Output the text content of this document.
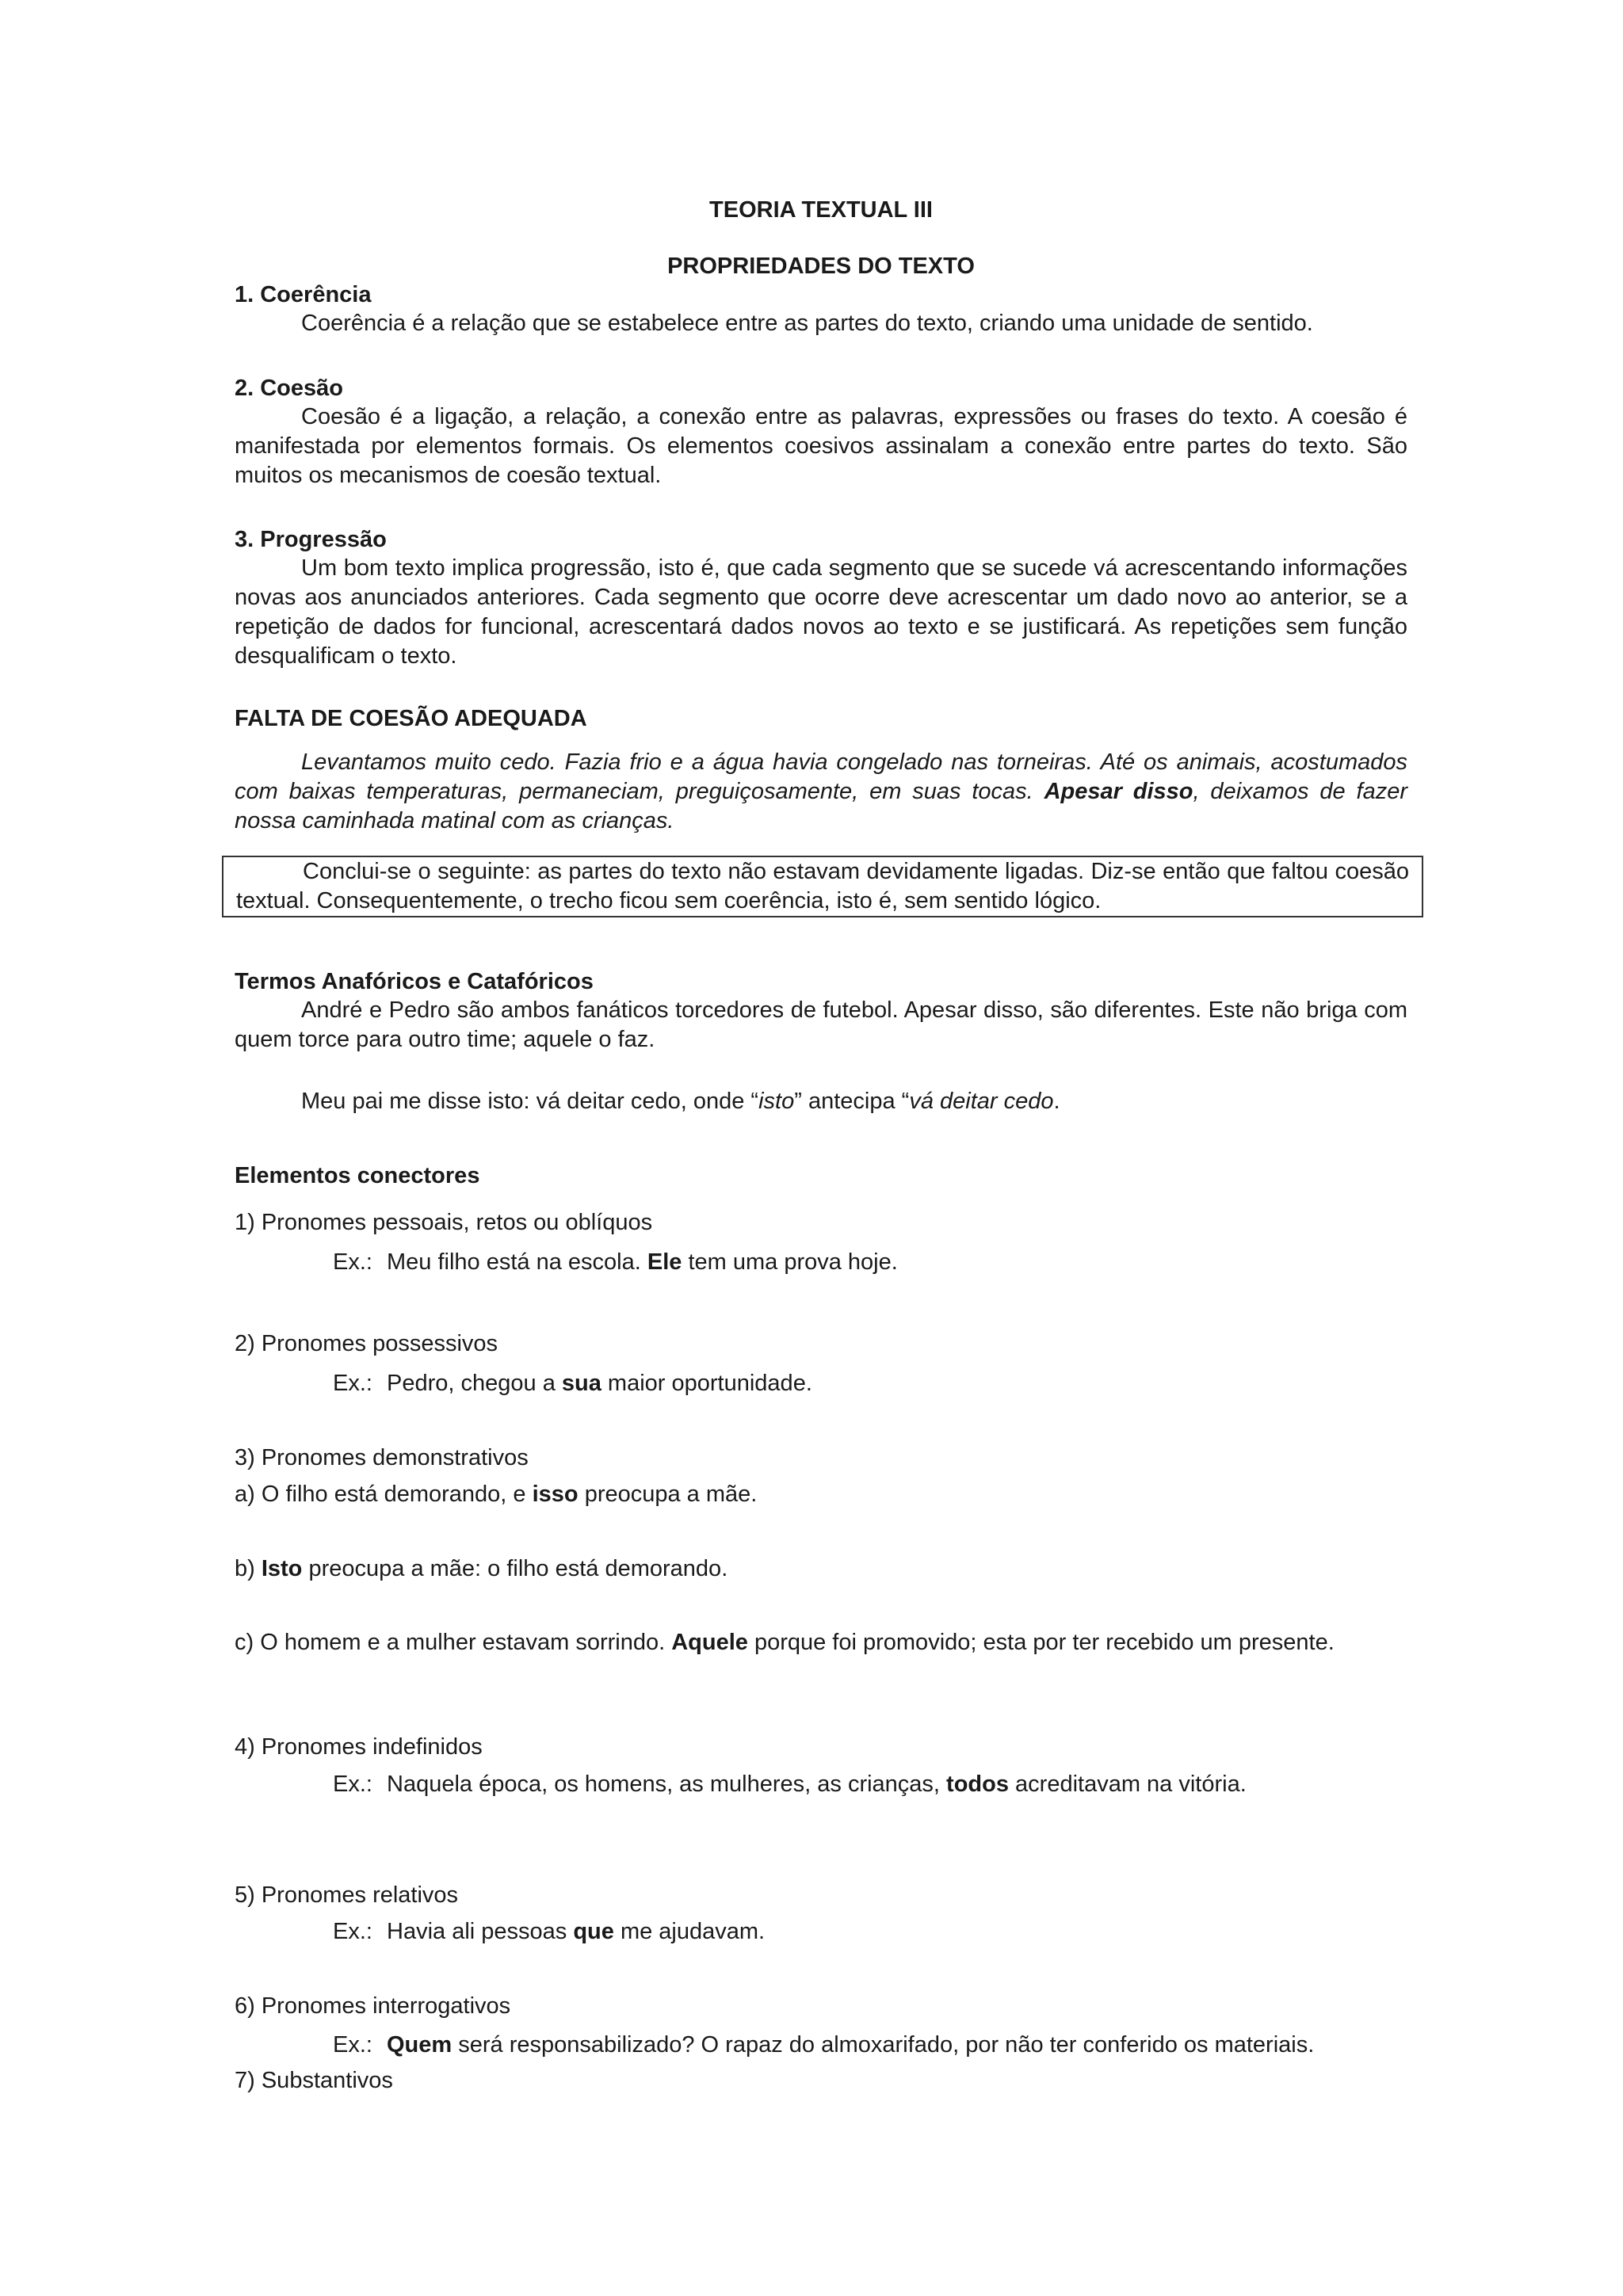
TEORIA TEXTUAL III

PROPRIEDADES DO TEXTO

1. Coerência

Coerência é a relação que se estabelece entre as partes do texto, criando uma unidade de sentido.

2. Coesão

Coesão é a ligação, a relação, a conexão entre as palavras, expressões ou frases do texto. A coesão é manifestada por elementos formais. Os elementos coesivos assinalam a conexão entre partes do texto. São muitos os mecanismos de coesão textual.

3. Progressão

Um bom texto implica progressão, isto é, que cada segmento que se sucede vá acrescentando informações novas aos anunciados anteriores. Cada segmento que ocorre deve acrescentar um dado novo ao anterior, se a repetição de dados for funcional, acrescentará dados novos ao texto e se justificará. As repetições sem função desqualificam o texto.

FALTA DE COESÃO ADEQUADA

Levantamos muito cedo. Fazia frio e a água havia congelado nas torneiras. Até os animais, acostumados com baixas temperaturas, permaneciam, preguiçosamente, em suas tocas. Apesar disso, deixamos de fazer nossa caminhada matinal com as crianças.

Conclui-se o seguinte: as partes do texto não estavam devidamente ligadas. Diz-se então que faltou coesão textual. Consequentemente, o trecho ficou sem coerência, isto é, sem sentido lógico.

Termos Anafóricos e Catafóricos

André e Pedro são ambos fanáticos torcedores de futebol. Apesar disso, são diferentes. Este não briga com quem torce para outro time; aquele o faz.

Meu pai me disse isto: vá deitar cedo, onde “isto” antecipa “vá deitar cedo.

Elementos conectores

1) Pronomes pessoais, retos ou oblíquos

Ex.: Meu filho está na escola. Ele tem uma prova hoje.

2) Pronomes possessivos

Ex.: Pedro, chegou a sua maior oportunidade.

3) Pronomes demonstrativos

a) O filho está demorando, e isso preocupa a mãe.

b) Isto preocupa a mãe: o filho está demorando.

c) O homem e a mulher estavam sorrindo. Aquele porque foi promovido; esta por ter recebido um presente.

4) Pronomes indefinidos

Ex.: Naquela época, os homens, as mulheres, as crianças, todos acreditavam na vitória.

5) Pronomes relativos

Ex.: Havia ali pessoas que me ajudavam.

6) Pronomes interrogativos

Ex.: Quem será responsabilizado? O rapaz do almoxarifado, por não ter conferido os materiais.

7) Substantivos
